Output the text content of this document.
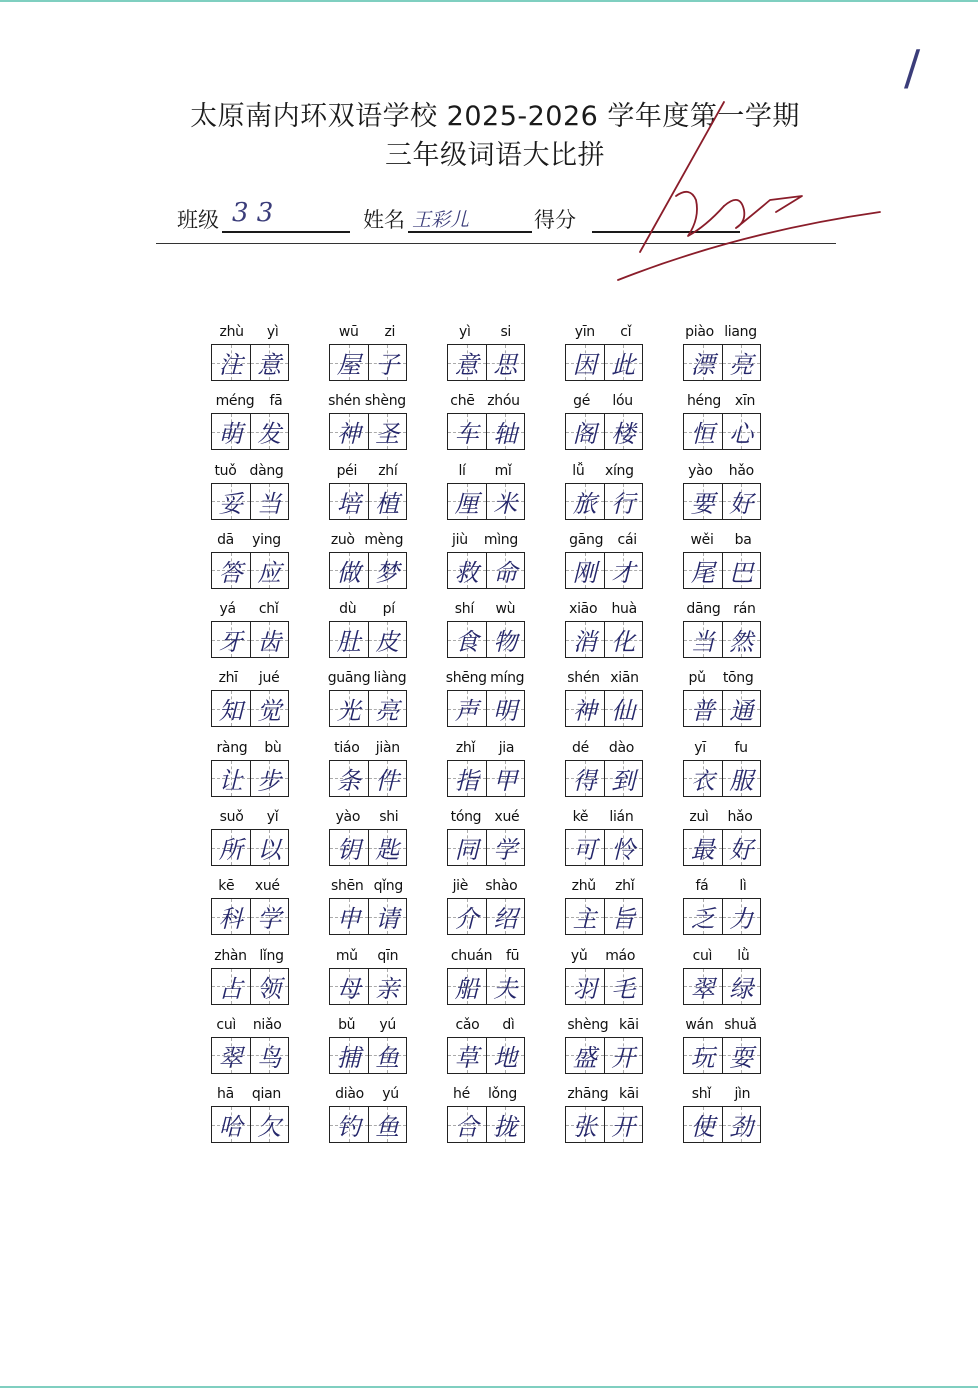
太原南内环双语学校 2025-2026 学年度第一学期
三年级词语大比拼
/
班级 3 3	姓名 王彩儿	得分
zhù yì
注 意
wū zi
屋 子
yì si
意 思
yīn cǐ
因 此
piào liang
漂 亮
méng fā
萌 发
shén shèng
神 圣
chē zhóu
车 轴
gé lóu
阁 楼
héng xīn
恒 心
tuǒ dàng
妥 当
péi zhí
培 植
lí mǐ
厘 米
lǚ xíng
旅 行
yào hǎo
要 好
dā ying
答 应
zuò mèng
做 梦
jiù mìng
救 命
gāng cái
刚 才
wěi ba
尾 巴
yá chǐ
牙 齿
dù pí
肚 皮
shí wù
食 物
xiāo huà
消 化
dāng rán
当 然
zhī jué
知 觉
guāng liàng
光 亮
shēng míng
声 明
shén xiān
神 仙
pǔ tōng
普 通
ràng bù
让 步
tiáo jiàn
条 件
zhǐ jia
指 甲
dé dào
得 到
yī fu
衣 服
suǒ yǐ
所 以
yào shi
钥 匙
tóng xué
同 学
kě lián
可 怜
zuì hǎo
最 好
kē xué
科 学
shēn qǐng
申 请
jiè shào
介 绍
zhǔ zhǐ
主 旨
fá lì
乏 力
zhàn lǐng
占 领
mǔ qīn
母 亲
chuán fū
船 夫
yǔ máo
羽 毛
cuì lǜ
翠 绿
cuì niǎo
翠 鸟
bǔ yú
捕 鱼
cǎo dì
草 地
shèng kāi
盛 开
wán shuǎ
玩 耍
hā qian
哈 欠
diào yú
钓 鱼
hé lǒng
合 拢
zhāng kāi
张 开
shǐ jìn
使 劲
